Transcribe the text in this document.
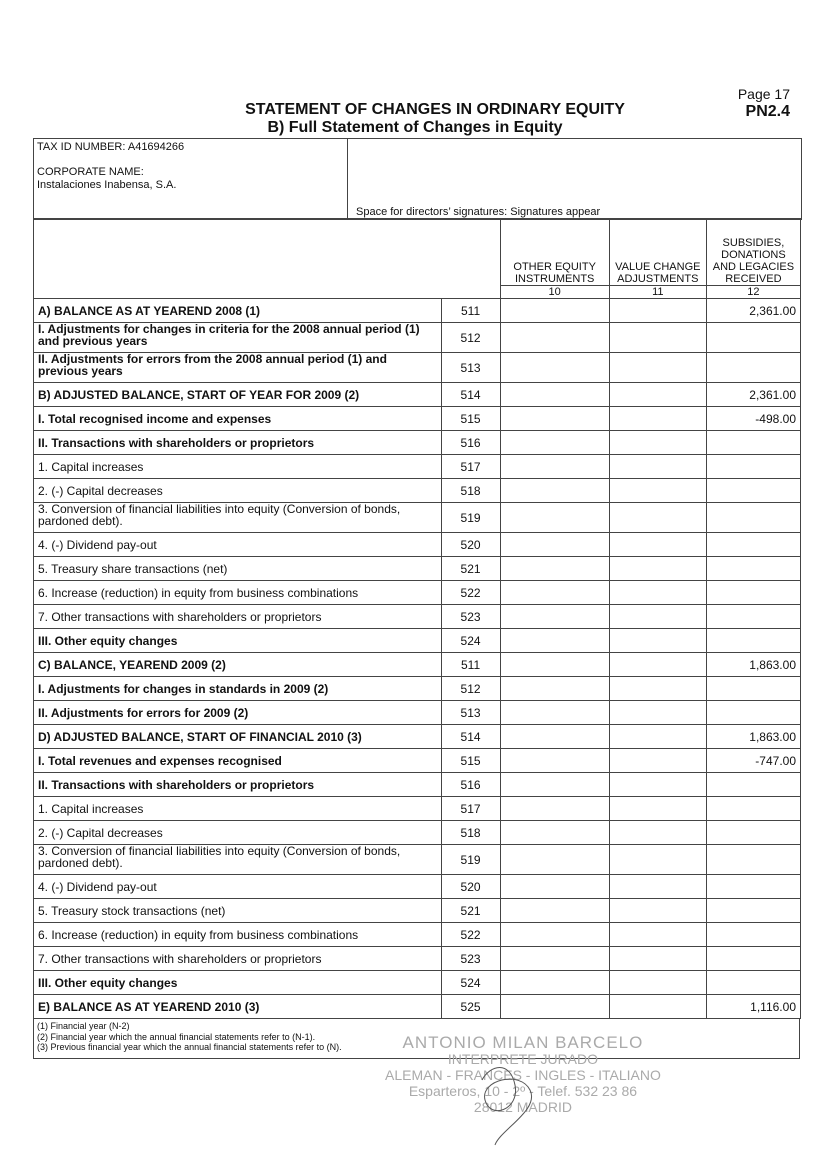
Page 17
PN2.4
STATEMENT OF CHANGES IN ORDINARY EQUITY
B) Full Statement of Changes in Equity
TAX ID NUMBER: A41694266
CORPORATE NAME:
Instalaciones Inabensa, S.A.
Space for directors’ signatures: Signatures appear
		OTHER EQUITY INSTRUMENTS	VALUE CHANGE ADJUSTMENTS	SUBSIDIES, DONATIONS AND LEGACIES RECEIVED
		10	11	12
A) BALANCE AS AT YEAREND 2008 (1)	511			2,361.00
I. Adjustments for changes in criteria for the 2008 annual period (1) and previous years	512			
II. Adjustments for errors from the 2008 annual period (1) and previous years	513			
B) ADJUSTED BALANCE, START OF YEAR FOR 2009 (2)	514			2,361.00
I. Total recognised income and expenses	515			-498.00
II. Transactions with shareholders or proprietors	516			
1. Capital increases	517			
2. (-) Capital decreases	518			
3. Conversion of financial liabilities into equity (Conversion of bonds, pardoned debt).	519			
4. (-) Dividend pay-out	520			
5. Treasury share transactions (net)	521			
6. Increase (reduction) in equity from business combinations	522			
7. Other transactions with shareholders or proprietors	523			
III. Other equity changes	524			
C) BALANCE, YEAREND 2009 (2)	511			1,863.00
I. Adjustments for changes in standards in 2009 (2)	512			
II. Adjustments for errors for 2009 (2)	513			
D) ADJUSTED BALANCE, START OF FINANCIAL 2010 (3)	514			1,863.00
I. Total revenues and expenses recognised	515			-747.00
II. Transactions with shareholders or proprietors	516			
1. Capital increases	517			
2. (-) Capital decreases	518			
3. Conversion of financial liabilities into equity (Conversion of bonds, pardoned debt).	519			
4. (-) Dividend pay-out	520			
5. Treasury stock transactions (net)	521			
6. Increase (reduction) in equity from business combinations	522			
7. Other transactions with shareholders or proprietors	523			
III. Other equity changes	524			
E) BALANCE AS AT YEAREND 2010 (3)	525			1,116.00
(1) Financial year (N-2)
(2) Financial year which the annual financial statements refer to (N-1).
(3) Previous financial year which the annual financial statements refer to (N).	ANTONIO MILAN BARCELO
INTERPRETE JURADO
ALEMAN - FRANCES - INGLES - ITALIANO
Esparteros, 10 - 2º - Telef. 532 23 86
28012 MADRID
